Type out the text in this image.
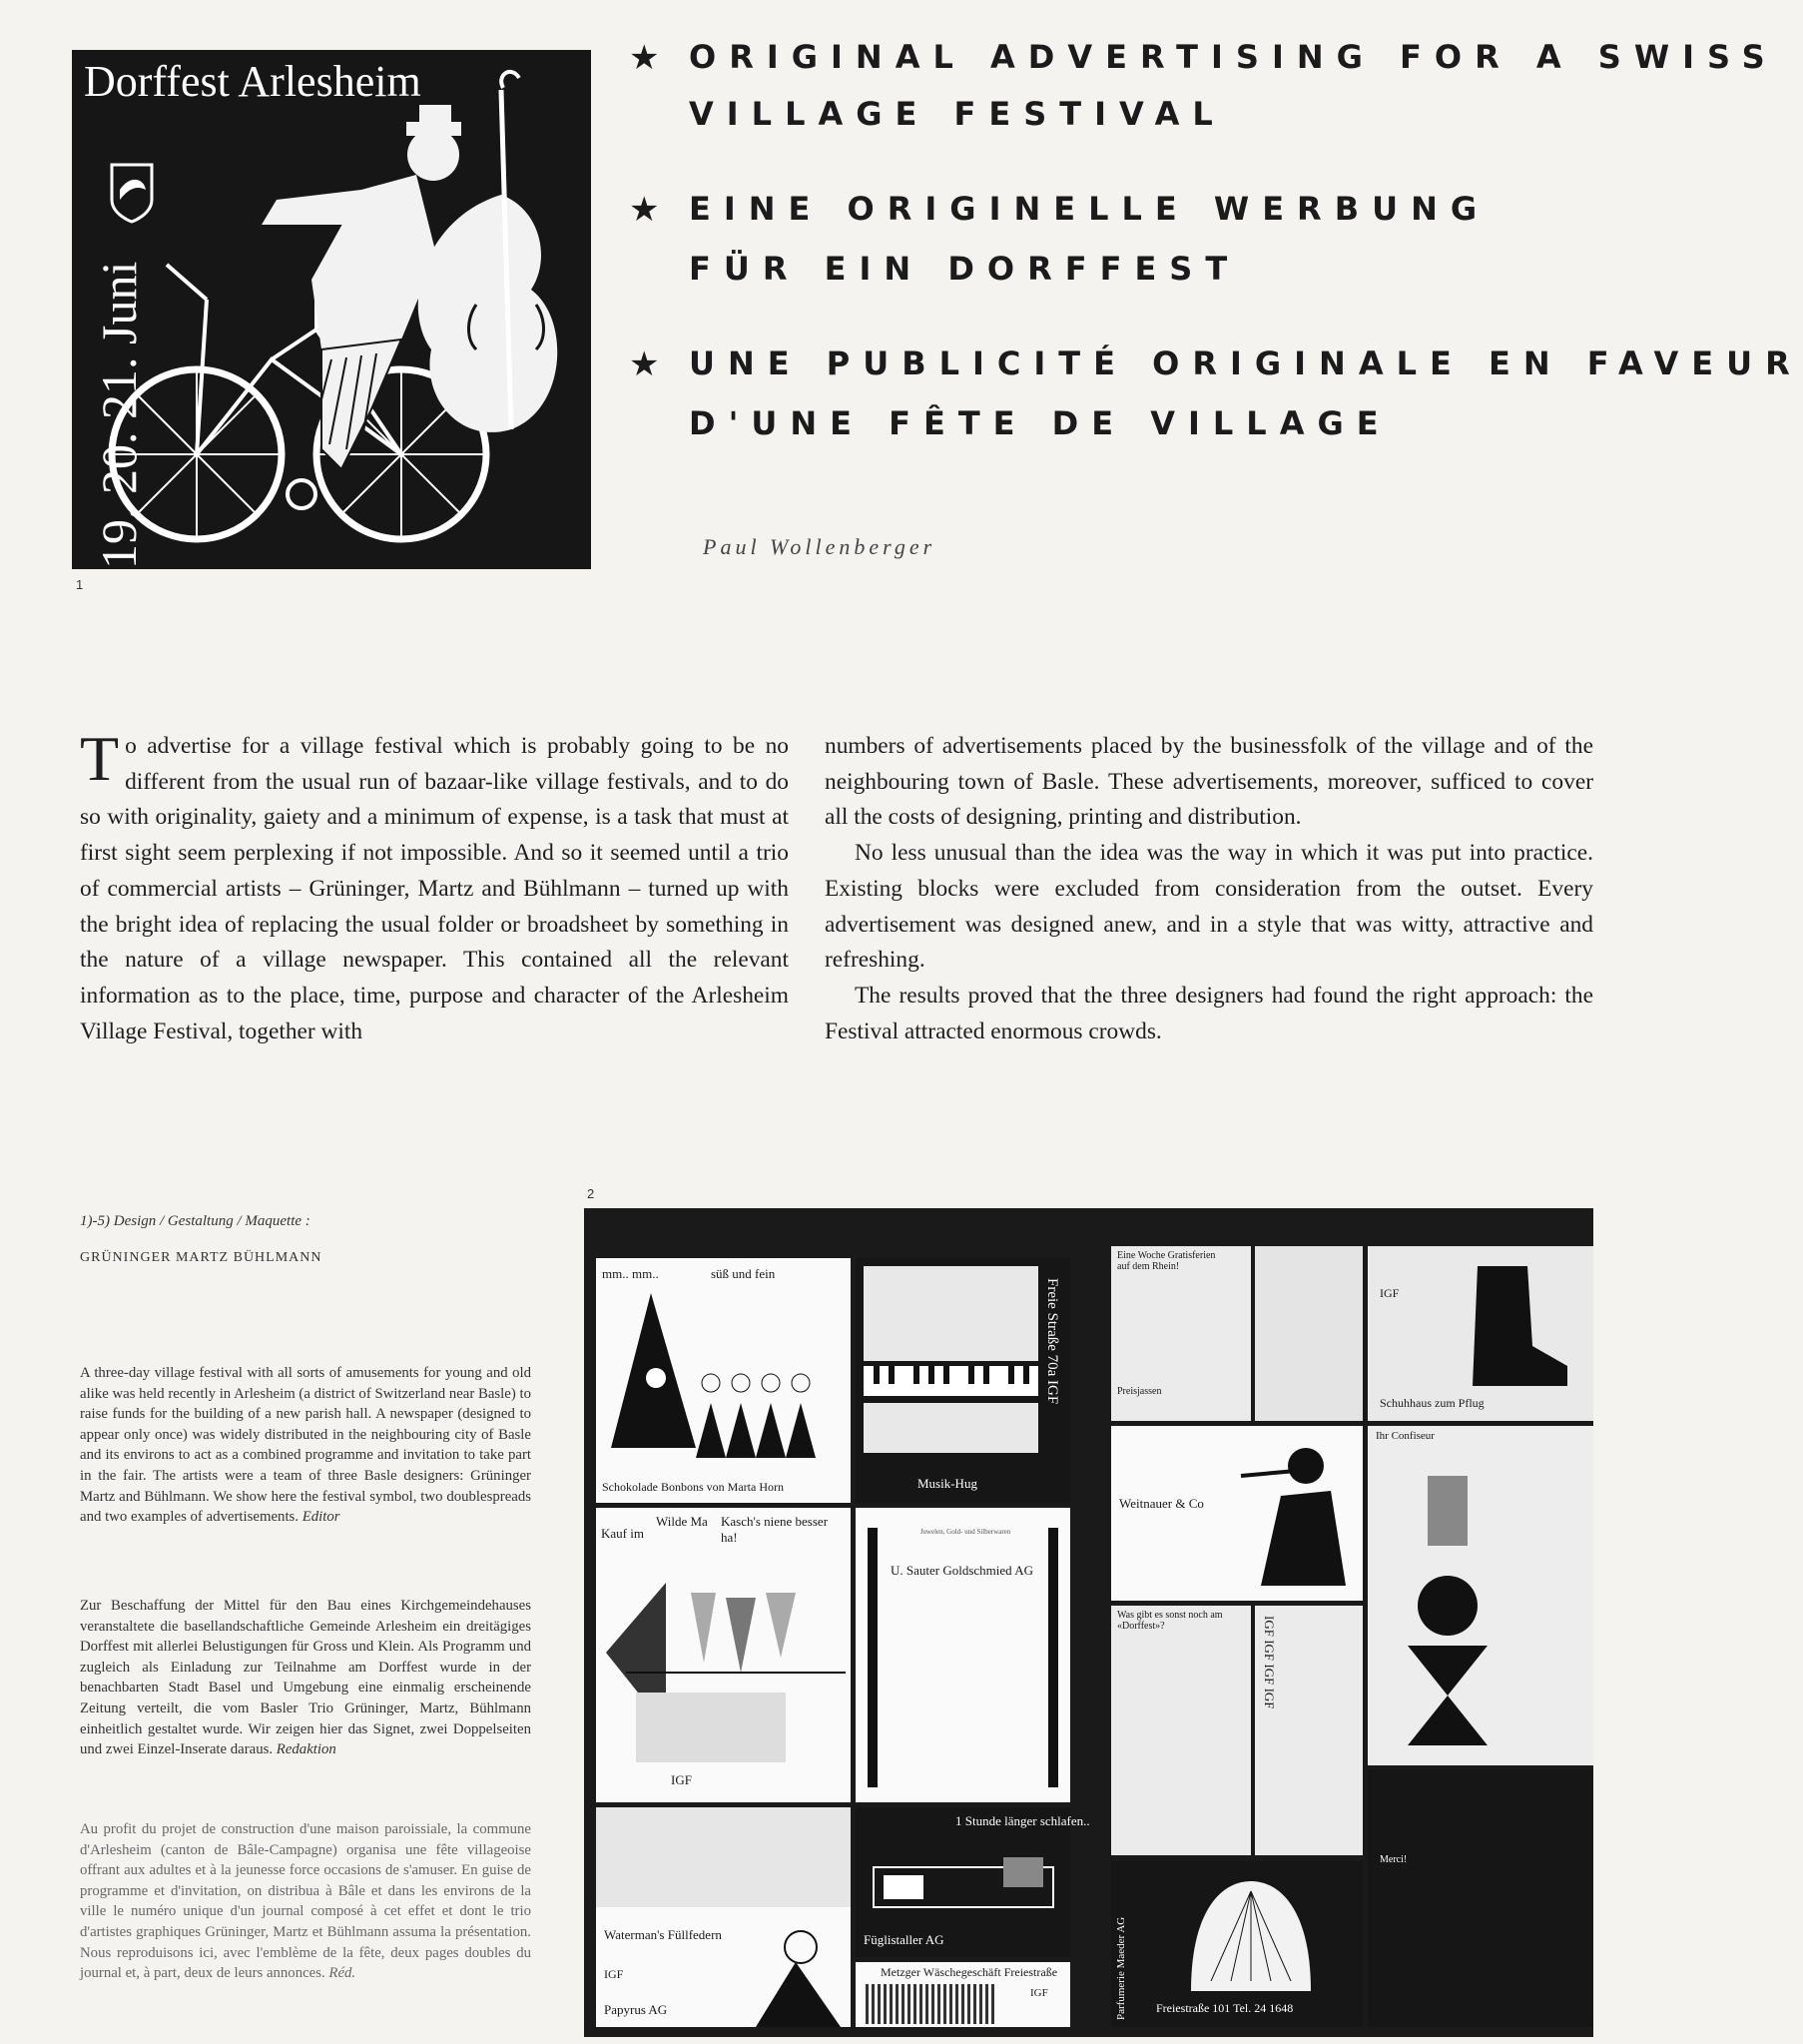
Dorffest Arlesheim
19. 20. 21. Juni
1
★ ORIGINAL ADVERTISING FOR A SWISS
VILLAGE FESTIVAL
★ EINE ORIGINELLE WERBUNG
FÜR EIN DORFFEST
★ UNE PUBLICITÉ ORIGINALE EN FAVEUR
D'UNE FÊTE DE VILLAGE
Paul Wollenberger
To advertise for a village festival which is probably going to be no different from the usual run of bazaar-like village festivals, and to do so with originality, gaiety and a minimum of expense, is a task that must at first sight seem perplexing if not impossible. And so it seemed until a trio of commercial artists – Grüninger, Martz and Bühlmann – turned up with the bright idea of replacing the usual folder or broadsheet by something in the nature of a village newspaper. This contained all the relevant information as to the place, time, purpose and character of the Arlesheim Village Festival, together with
numbers of advertisements placed by the businessfolk of the village and of the neighbouring town of Basle. These advertisements, moreover, sufficed to cover all the costs of designing, printing and distribution.
No less unusual than the idea was the way in which it was put into practice. Existing blocks were excluded from consideration from the outset. Every advertisement was designed anew, and in a style that was witty, attractive and refreshing.
The results proved that the three designers had found the right approach: the Festival attracted enormous crowds.
1)-5) Design / Gestaltung / Maquette :
GRÜNINGER MARTZ BÜHLMANN
A three-day village festival with all sorts of amusements for young and old alike was held recently in Arlesheim (a district of Switzerland near Basle) to raise funds for the building of a new parish hall. A newspaper (designed to appear only once) was widely distributed in the neighbouring city of Basle and its environs to act as a combined programme and invitation to take part in the fair. The artists were a team of three Basle designers: Grüninger Martz and Bühlmann. We show here the festival symbol, two doublespreads and two examples of advertisements. Editor
Zur Beschaffung der Mittel für den Bau eines Kirchgemeindehauses veranstaltete die basellandschaftliche Gemeinde Arlesheim ein dreitägiges Dorffest mit allerlei Belustigungen für Gross und Klein. Als Programm und zugleich als Einladung zur Teilnahme am Dorffest wurde in der benachbarten Stadt Basel und Umgebung eine einmalig erscheinende Zeitung verteilt, die vom Basler Trio Grüninger, Martz, Bühlmann einheitlich gestaltet wurde. Wir zeigen hier das Signet, zwei Doppelseiten und zwei Einzel-Inserate daraus. Redaktion
Au profit du projet de construction d'une maison paroissiale, la commune d'Arlesheim (canton de Bâle-Campagne) organisa une fête villageoise offrant aux adultes et à la jeunesse force occasions de s'amuser. En guise de programme et d'invitation, on distribua à Bâle et dans les environs de la ville le numéro unique d'un journal composé à cet effet et dont le trio d'artistes graphiques Grüninger, Martz et Bühlmann assuma la présentation. Nous reproduisons ici, avec l'emblème de la fête, deux pages doubles du journal et, à part, deux de leurs annonces. Réd.
2
mm.. mm..	süß und fein
Schokolade Bonbons von Marta Horn	Musik-Hug
Freie Straße 70a IGF
Kauf im
Wilde Ma Kasch's niene besser ha!
IGF
Juwelen, Gold- und Silberwaren
U. Sauter Goldschmied AG
1 Stunde länger schlafen..
Füglistaller AG
Waterman's Füllfedern
IGF
Papyrus AG
Metzger Wäschegeschäft Freiestraße
IGF
Eine Woche Gratisferien auf dem Rhein!
Preisjassen
Weitnauer & Co
Was gibt es sonst noch am «Dorffest»?	IGF IGF IGF IGF
Parfumerie Maeder AG Freiestraße 101 Tel. 24 1648
IGF
Schuhhaus zum Pflug
Ihr Confiseur
Merci!
